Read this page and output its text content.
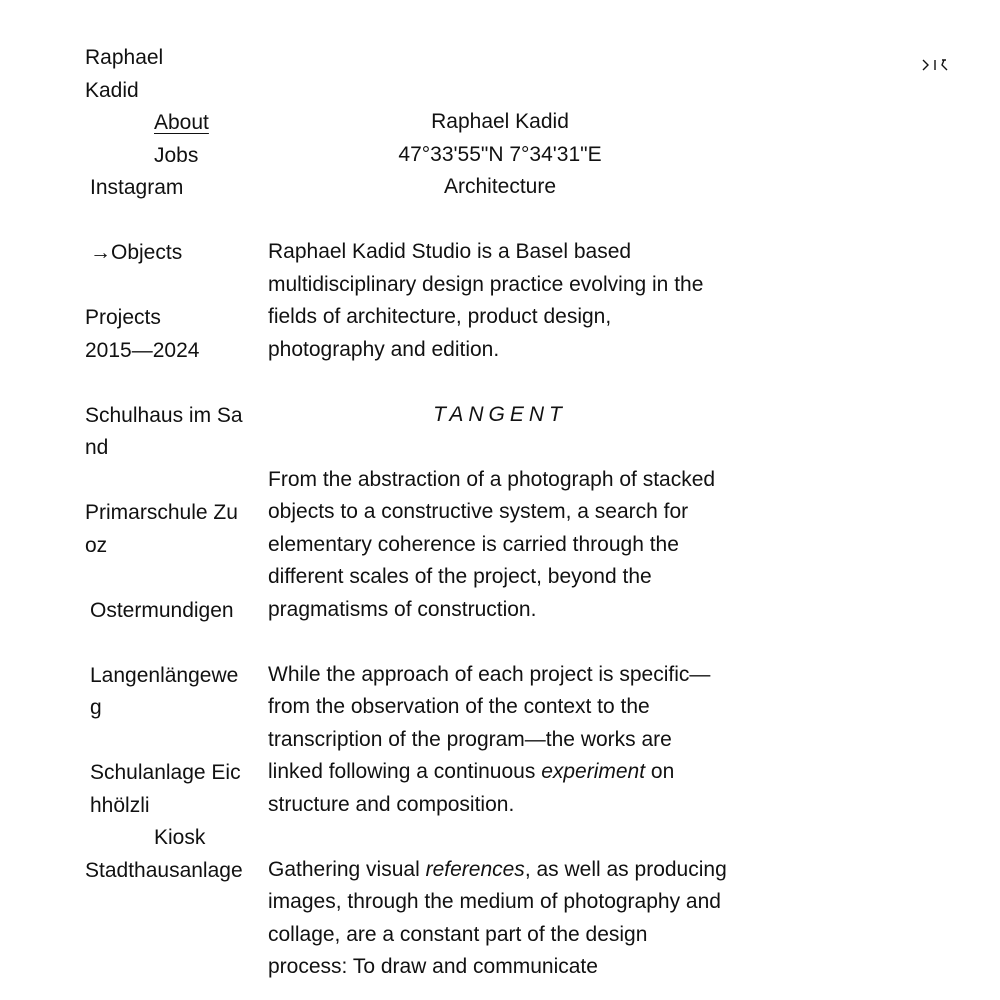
Raphael
Kadid
About
Jobs
Instagram
→Objects
Projects
2015—2024
Schulhaus im Sand
Primarschule Zuoz
Ostermundigen
Langenlängeweg
Schulanlage Eichhölzli
Kiosk
Stadthausanlage
Raphael Kadid
47°33'55"N 7°34'31"E
Architecture

Raphael Kadid Studio is a Basel based multidisciplinary design practice evolving in the fields of architecture, product design, photography and edition.

TANGENT

From the abstraction of a photograph of stacked objects to a constructive system, a search for elementary coherence is carried through the different scales of the project, beyond the pragmatisms of construction.

While the approach of each project is specific—from the observation of the context to the transcription of the program—the works are linked following a continuous experiment on structure and composition.

Gathering visual references, as well as producing images, through the medium of photography and collage, are a constant part of the design process: To draw and communicate
